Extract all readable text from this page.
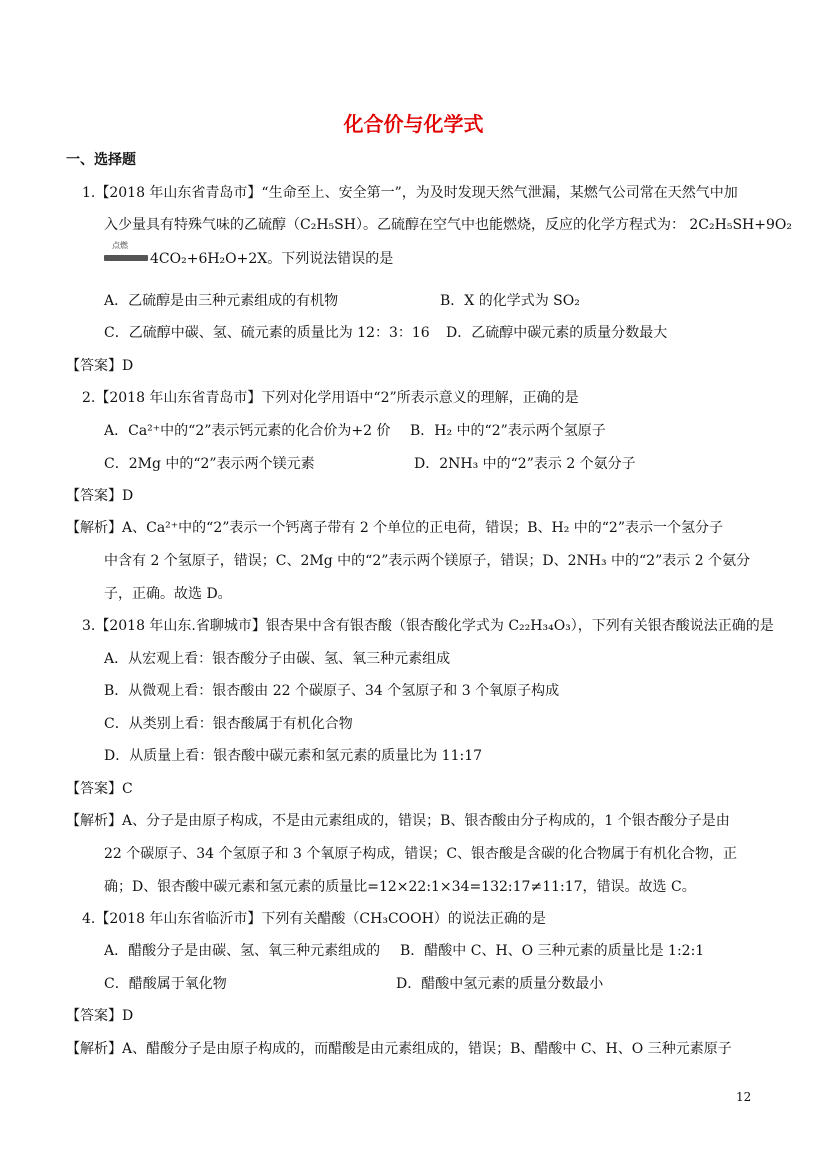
化合价与化学式
一、选择题
1.【2018 年山东省青岛市】“生命至上、安全第一”，为及时发现天然气泄漏，某燃气公司常在天然气中加
入少量具有特殊气味的乙硫醇（C₂H₅SH）。乙硫醇在空气中也能燃烧，反应的化学方程式为： 2C₂H₅SH+9O₂
点燃
4CO₂+6H₂O+2X。下列说法错误的是
A．乙硫醇是由三种元素组成的有机物	B．X 的化学式为 SO₂
C．乙硫醇中碳、氢、硫元素的质量比为 12：3：16 D．乙硫醇中碳元素的质量分数最大
【答案】D
2.【2018 年山东省青岛市】下列对化学用语中“2”所表示意义的理解，正确的是
A．Ca²⁺中的“2”表示钙元素的化合价为+2 价 B．H₂ 中的“2”表示两个氢原子
C．2Mg 中的“2”表示两个镁元素	D．2NH₃ 中的“2”表示 2 个氨分子
【答案】D
【解析】A、Ca²⁺中的“2”表示一个钙离子带有 2 个单位的正电荷，错误；B、H₂ 中的“2”表示一个氢分子
中含有 2 个氢原子，错误；C、2Mg 中的“2”表示两个镁原子，错误；D、2NH₃ 中的“2”表示 2 个氨分
子，正确。故选 D。
3.【2018 年山东.省聊城市】银杏果中含有银杏酸（银杏酸化学式为 C₂₂H₃₄O₃），下列有关银杏酸说法正确的是
A．从宏观上看：银杏酸分子由碳、氢、氧三种元素组成
B．从微观上看：银杏酸由 22 个碳原子、34 个氢原子和 3 个氧原子构成
C．从类别上看：银杏酸属于有机化合物
D．从质量上看：银杏酸中碳元素和氢元素的质量比为 11:17
【答案】C
【解析】A、分子是由原子构成，不是由元素组成的，错误；B、银杏酸由分子构成的，1 个银杏酸分子是由
22 个碳原子、34 个氢原子和 3 个氧原子构成，错误；C、银杏酸是含碳的化合物属于有机化合物，正
确；D、银杏酸中碳元素和氢元素的质量比=12×22:1×34=132:17≠11:17，错误。故选 C。
4.【2018 年山东省临沂市】下列有关醋酸（CH₃COOH）的说法正确的是
A．醋酸分子是由碳、氢、氧三种元素组成的 B．醋酸中 C、H、O 三种元素的质量比是 1:2:1
C．醋酸属于氧化物	D．醋酸中氢元素的质量分数最小
【答案】D
【解析】A、醋酸分子是由原子构成的，而醋酸是由元素组成的，错误；B、醋酸中 C、H、O 三种元素原子
12
